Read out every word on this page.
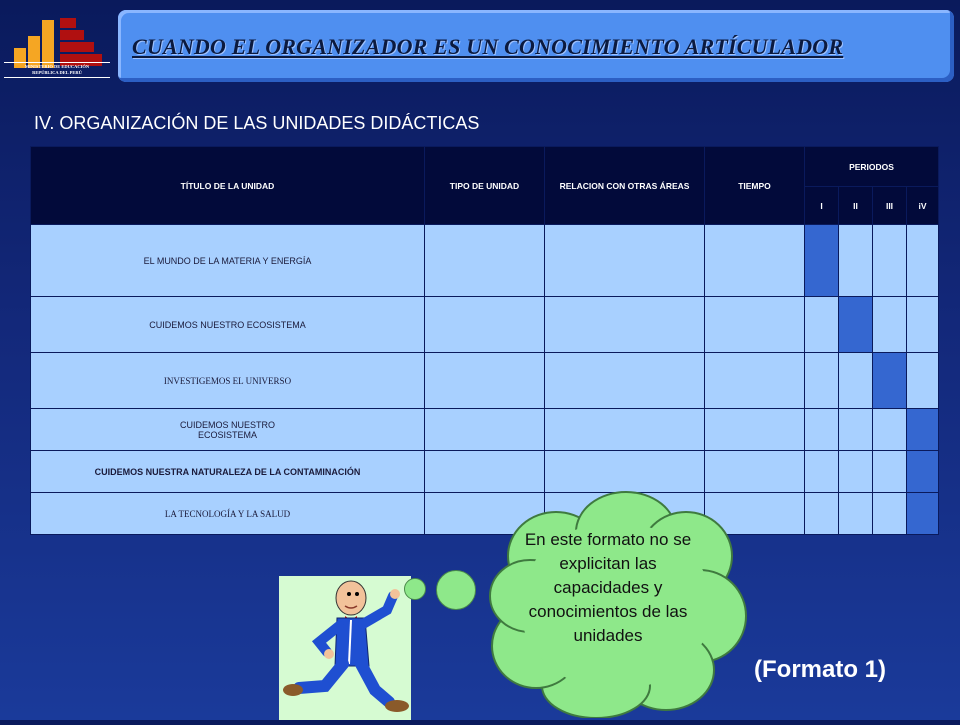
MINISTERIO DE EDUCACIÓN
REPÚBLICA DEL PERÚ
CUANDO EL ORGANIZADOR ES UN CONOCIMIENTO ARTÍCULADOR
IV. ORGANIZACIÓN DE LAS UNIDADES DIDÁCTICAS
TÍTULO DE LA UNIDAD	TIPO DE UNIDAD	RELACION CON OTRAS ÁREAS	TIEMPO	PERIODOS			
				I	II	III	iV
EL MUNDO DE LA MATERIA Y ENERGÍA							
CUIDEMOS NUESTRO ECOSISTEMA							
INVESTIGEMOS EL UNIVERSO							
CUIDEMOS NUESTRO ECOSISTEMA							
CUIDEMOS NUESTRA NATURALEZA DE LA CONTAMINACIÓN							
LA TECNOLOGÍA Y LA SALUD							
En este formato no se explicitan las capacidades y conocimientos de las unidades
(Formato 1)
